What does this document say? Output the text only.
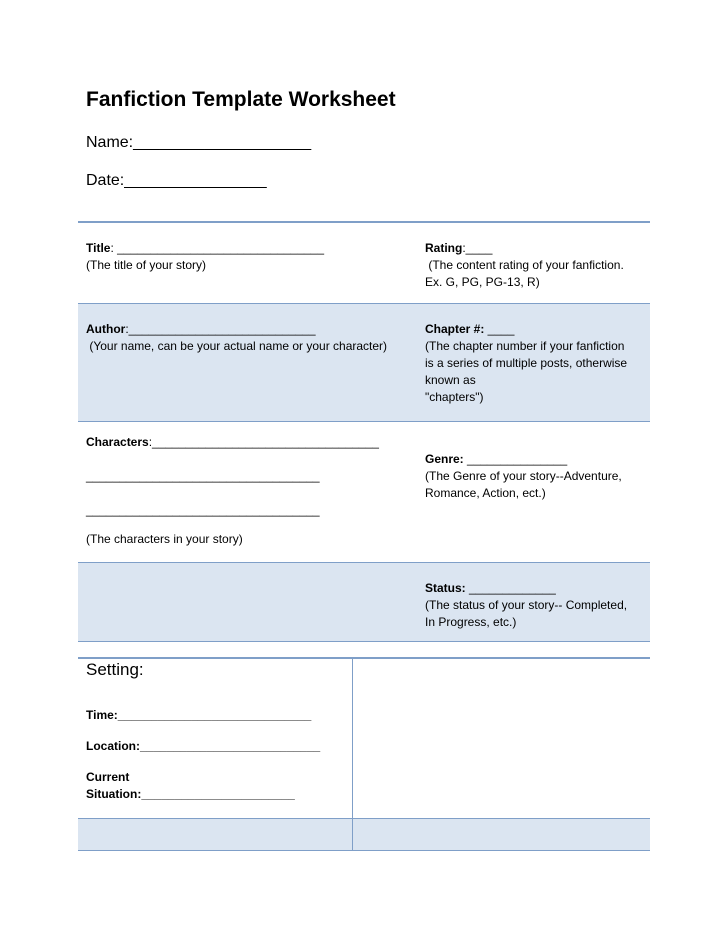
Fanfiction Template Worksheet
Name:____________________
Date:________________
Title: _______________________________
(The title of your story)
Rating:____
(The content rating of your fanfiction.
Ex. G, PG, PG-13, R)
Author:____________________________
(Your name, can be your actual name or your character)
Chapter #: ____
(The chapter number if your fanfiction
is a series of multiple posts, otherwise
known as
"chapters")
Characters:__________________________________
___________________________________
___________________________________
(The characters in your story)
Genre: _______________
(The Genre of your story--Adventure,
Romance, Action, ect.)
Status: _____________
(The status of your story-- Completed,
In Progress, etc.)
Setting:
Time:_____________________________
Location:___________________________
Current
Situation:_______________________
